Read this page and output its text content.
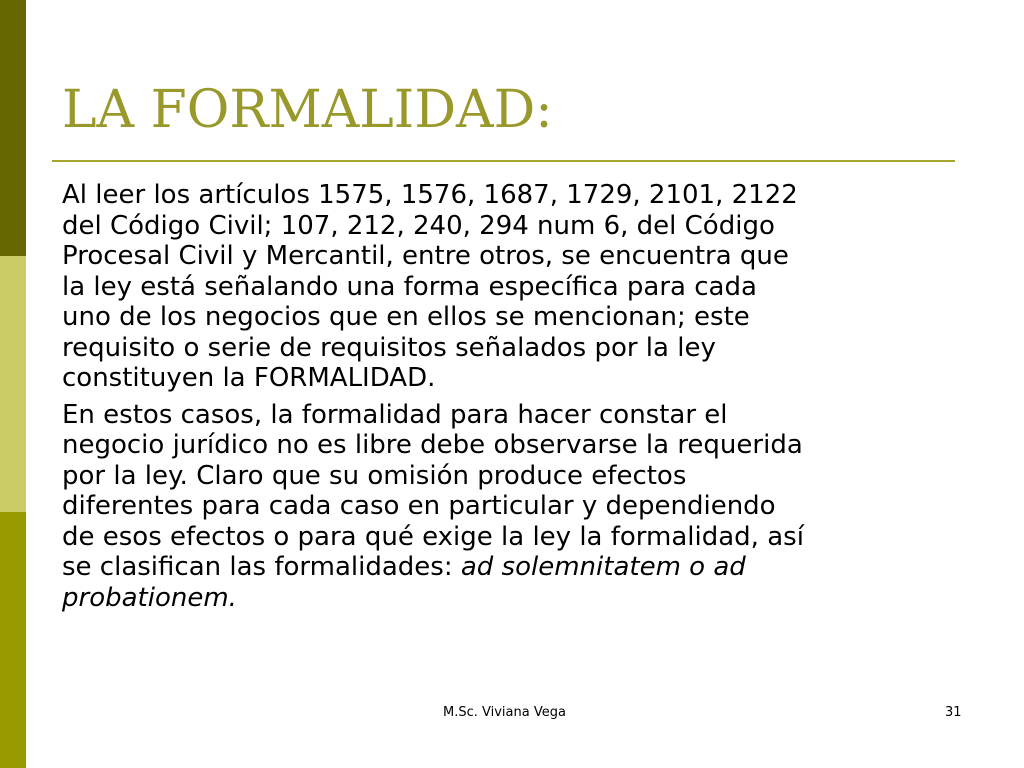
LA FORMALIDAD:

Al leer los artículos 1575, 1576, 1687, 1729, 2101, 2122
del Código Civil; 107, 212, 240, 294 num 6, del Código
Procesal Civil y Mercantil, entre otros, se encuentra que
la ley está señalando una forma específica para cada
uno de los negocios que en ellos se mencionan; este
requisito o serie de requisitos señalados por la ley
constituyen la FORMALIDAD.

En estos casos, la formalidad para hacer constar el
negocio jurídico no es libre debe observarse la requerida
por la ley. Claro que su omisión produce efectos
diferentes para cada caso en particular y dependiendo
de esos efectos o para qué exige la ley la formalidad, así
se clasifican las formalidades: ad solemnitatem o ad
probationem.

M.Sc. Viviana Vega	31
